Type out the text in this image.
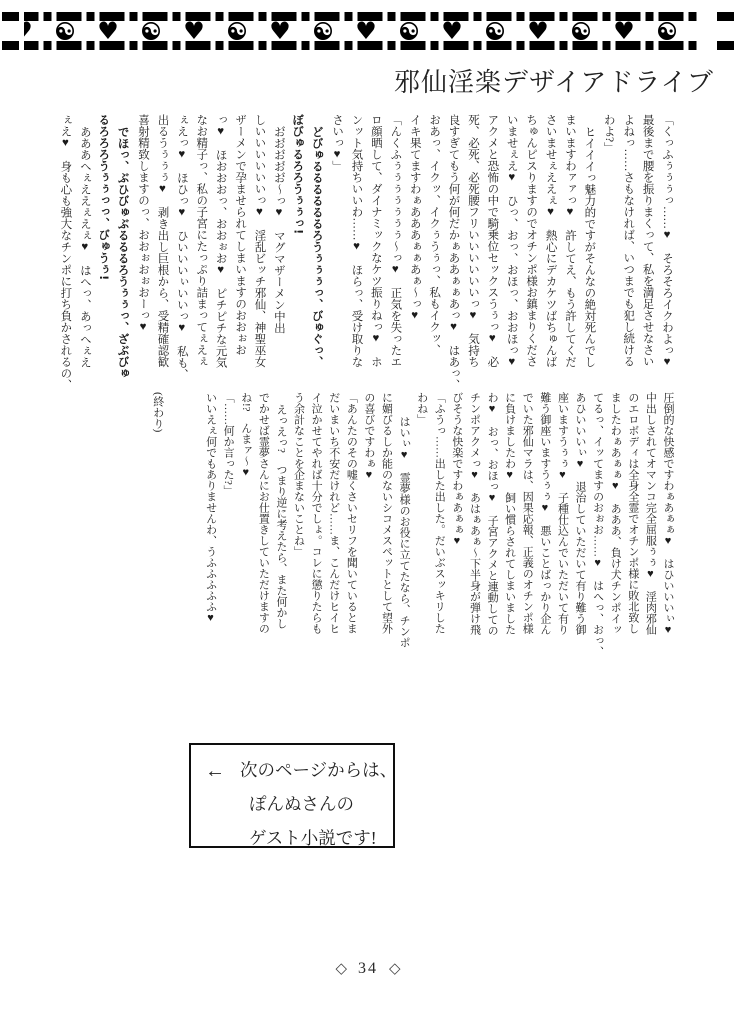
邪仙淫楽デザイアドライブ
「くっふぅぅぅっ……♥　そろそろイクわよっ♥
最後まで腰を振りまくって、私を満足させなさい
よねっ……さもなければ、いつまでも犯し続ける
わよ?」
ヒイイイっ魅力的ですがそんなの絶対死んでし
まいますわァァっ♥　許してえ、もう許してくだ
さいませぇええぇ♥　熱心にデカケツばちゅんば
ちゅんピスりますのでオチンポ様お鎮まりくださ
いませぇえ♥　ひっ、おっ、おほっ、おおほっ♥
アクメと恐怖の中で騎乗位セックスうぅっ♥　必
死、必死、必死腰フリいいいいいいっ♥　気持ち
良すぎてもう何が何だかぁああぁぁあっ♥　はあっ、
おあっ、イクッ、イクぅうぅっ、私もイクッ、
イキ果てますわぁあああぁぁあぁ〜っ♥
「んくふぅぅぅぅぅぅぅ〜っ♥　正気を失ったエ
ロ顔晒して、ダイナミックなケツ振りねっ♥　ホ
ンット気持ちいいわ……♥　ほらっ、受け取りな
さいっ♥」
どびゅるるるるるるろうぅぅぅっ、びゅぐっ、
ぼびゅるろろうぅぅっ!
お゙お゙お゙お゙お゙〜っ♥　マグマザーメン中出
しいいいいいいっ♥　淫乱ビッチ邪仙、神聖巫女
ザーメンで孕ませられてしまいますのおおぉお
っ♥　ほおおおっ、おおぉお♥　ピチピチな元気
なお精子っ、私の子宮にたっぷり詰まってぇえぇ
ぇえっ♥　ほひっ♥　ひいいいぃいいっ♥　私も、
出るうぅぅぅ♥　剥き出し巨根から、受精確認歓
喜射精致しますのっ、おおぉおぉおーっ♥
でほっ、ぶひびゅぶるるるろうぅぅっ、ざぶびゅ
るろろろうぅぅっっ、びゅうぅ!
あああへぇええぇえぇ♥　はへっ、あっへぇえ
ぇえ♥　身も心も強大なチンポに打ち負かされるの、
圧倒的な快感ですわぁあぁぁ♥　はひいいいぃ♥
中出しされてオマンコ完全屈服ぅぅ♥　淫肉邪仙
のエロボディは全身全霊でオチンポ様に敗北致し
ましたわぁあぁぁ♥　あああ、負け犬チンポイッ
てるっ、イッてますのおぉお……♥　はへっ、おっ、
あひいいいぃ♥　退治していただいて有り難う御
座いますうぅぅ♥　子種仕込んでいただいて有り
難う御座いますうぅぅ♥　悪いことばっかり企ん
でいた邪仙マラは、因果応報、正義のオチンポ様
に負けましたわ♥　飼い慣らされてしまいました
わ♥　おっ、おほっ♥　子宮アクメと連動しての
チンポアクメっ♥　あはぁあぁ〜下半身が弾け飛
びそうな快楽ですわぁあぁぁ♥
「ふうっ……出した出した。だいぶスッキリした
わね」
はいぃ♥　霊夢様のお役に立てたなら、チンポ
に媚びるしか能のないシコメスペットとして望外
の喜びですわぁ♥
「あんたのその嘘くさいセリフを聞いているとま
だいまいち不安だけれど……ま、こんだけヒイヒ
イ泣かせてやれば十分でしょ。コレに懲りたらも
う余計なことを企まないことね」
えっえっ?　つまり逆に考えたら、また何かし
でかせば霊夢さんにお仕置きしていただけますの
ね!?　んまァ〜♥
「……何か言った?」
いいえぇ何でもありませんわ、うふふふふふ♥

(終わり)
← 次のページからは、
ぽんぬさんの
ゲスト小説です!
◇ 34 ◇
